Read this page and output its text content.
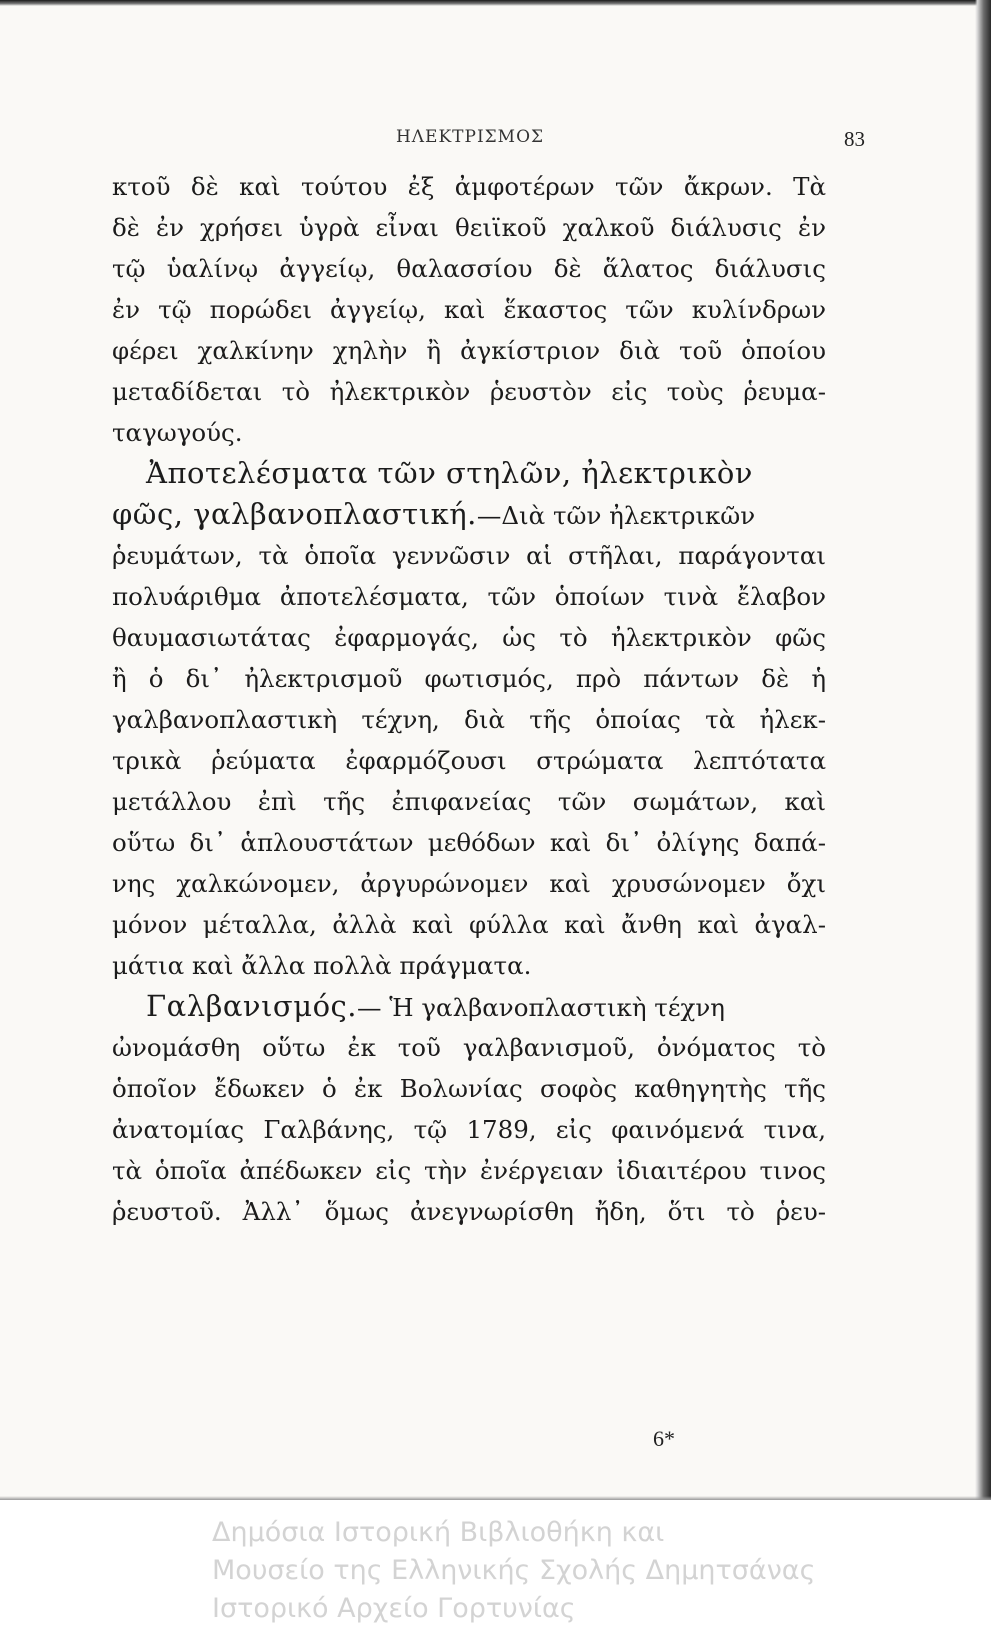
ΗΛΕΚΤΡΙΣΜΟΣ	83
κτοῦ δὲ καὶ τούτου ἐξ ἀμφοτέρων τῶν ἄκρων. Τὰ
δὲ ἐν χρήσει ὑγρὰ εἶναι θειϊκοῦ χαλκοῦ διάλυσις ἐν
τῷ ὑαλίνῳ ἀγγείῳ, θαλασσίου δὲ ἅλατος διάλυσις
ἐν τῷ πορώδει ἀγγείῳ, καὶ ἕκαστος τῶν κυλίνδρων
φέρει χαλκίνην χηλὴν ἢ ἀγκίστριον διὰ τοῦ ὁποίου
μεταδίδεται τὸ ἠλεκτρικὸν ῥευστὸν εἰς τοὺς ῥευμα-
ταγωγούς.
Ἀποτελέσματα τῶν στηλῶν, ἠλεκτρικὸν
φῶς, γαλβανοπλαστική.—Διὰ τῶν ἠλεκτρικῶν
ῥευμάτων, τὰ ὁποῖα γεννῶσιν αἱ στῆλαι, παράγονται
πολυάριθμα ἀποτελέσματα, τῶν ὁποίων τινὰ ἔλαβον
θαυμασιωτάτας ἐφαρμογάς, ὡς τὸ ἠλεκτρικὸν φῶς
ἢ ὁ δι᾽ ἠλεκτρισμοῦ φωτισμός, πρὸ πάντων δὲ ἡ
γαλβανοπλαστικὴ τέχνη, διὰ τῆς ὁποίας τὰ ἠλεκ-
τρικὰ ῥεύματα ἐφαρμόζουσι στρώματα λεπτότατα
μετάλλου ἐπὶ τῆς ἐπιφανείας τῶν σωμάτων, καὶ
οὕτω δι᾽ ἁπλουστάτων μεθόδων καὶ δι᾽ ὀλίγης δαπά-
νης χαλκώνομεν, ἀργυρώνομεν καὶ χρυσώνομεν ὄχι
μόνον μέταλλα, ἀλλὰ καὶ φύλλα καὶ ἄνθη καὶ ἀγαλ-
μάτια καὶ ἄλλα πολλὰ πράγματα.
Γαλβανισμός.— Ἡ γαλβανοπλαστικὴ τέχνη
ὠνομάσθη οὕτω ἐκ τοῦ γαλβανισμοῦ, ὀνόματος τὸ
ὁποῖον ἔδωκεν ὁ ἐκ Βολωνίας σοφὸς καθηγητὴς τῆς
ἀνατομίας Γαλβάνης, τῷ 1789, εἰς φαινόμενά τινα,
τὰ ὁποῖα ἀπέδωκεν εἰς τὴν ἐνέργειαν ἰδιαιτέρου τινος
ῥευστοῦ. Ἀλλ᾽ ὅμως ἀνεγνωρίσθη ἤδη, ὅτι τὸ ῥευ-
6*
Δημόσια Ιστορική Βιβλιοθήκη και
Μουσείο της Ελληνικής Σχολής Δημητσάνας
Ιστορικό Αρχείο Γορτυνίας
